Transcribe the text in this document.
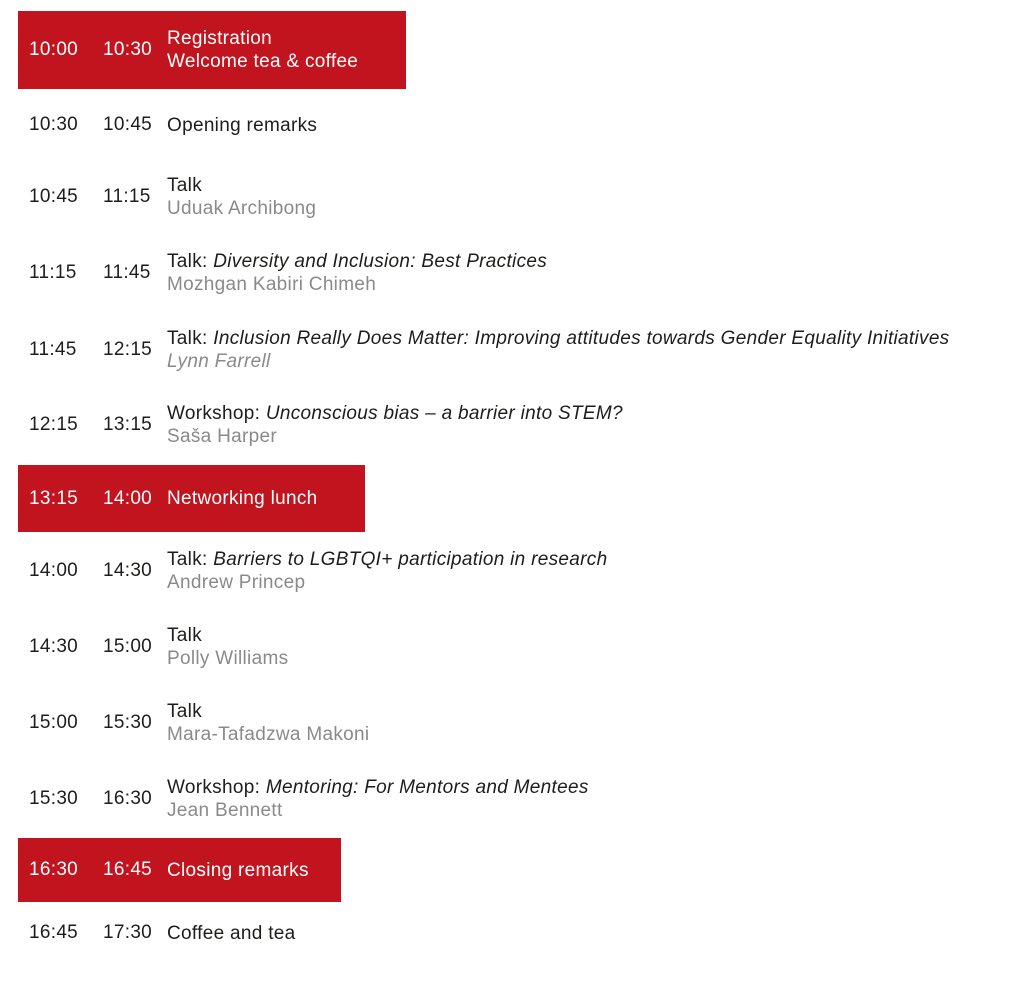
10:00	10:30
Registration
Welcome tea & coffee
10:30	10:45 Opening remarks
10:45	11:15
Talk
Uduak Archibong
11:15	11:45
Talk: Diversity and Inclusion: Best Practices
Mozhgan Kabiri Chimeh
11:45	12:15
Talk: Inclusion Really Does Matter: Improving attitudes towards Gender Equality Initiatives
Lynn Farrell
12:15	13:15
Workshop: Unconscious bias – a barrier into STEM?
Saša Harper
13:15	14:00 Networking lunch
14:00	14:30
Talk: Barriers to LGBTQI+ participation in research
Andrew Princep
14:30	15:00
Talk
Polly Williams
15:00	15:30
Talk
Mara-Tafadzwa Makoni
15:30	16:30
Workshop: Mentoring: For Mentors and Mentees
Jean Bennett
16:30	16:45 Closing remarks
16:45	17:30 Coffee and tea
